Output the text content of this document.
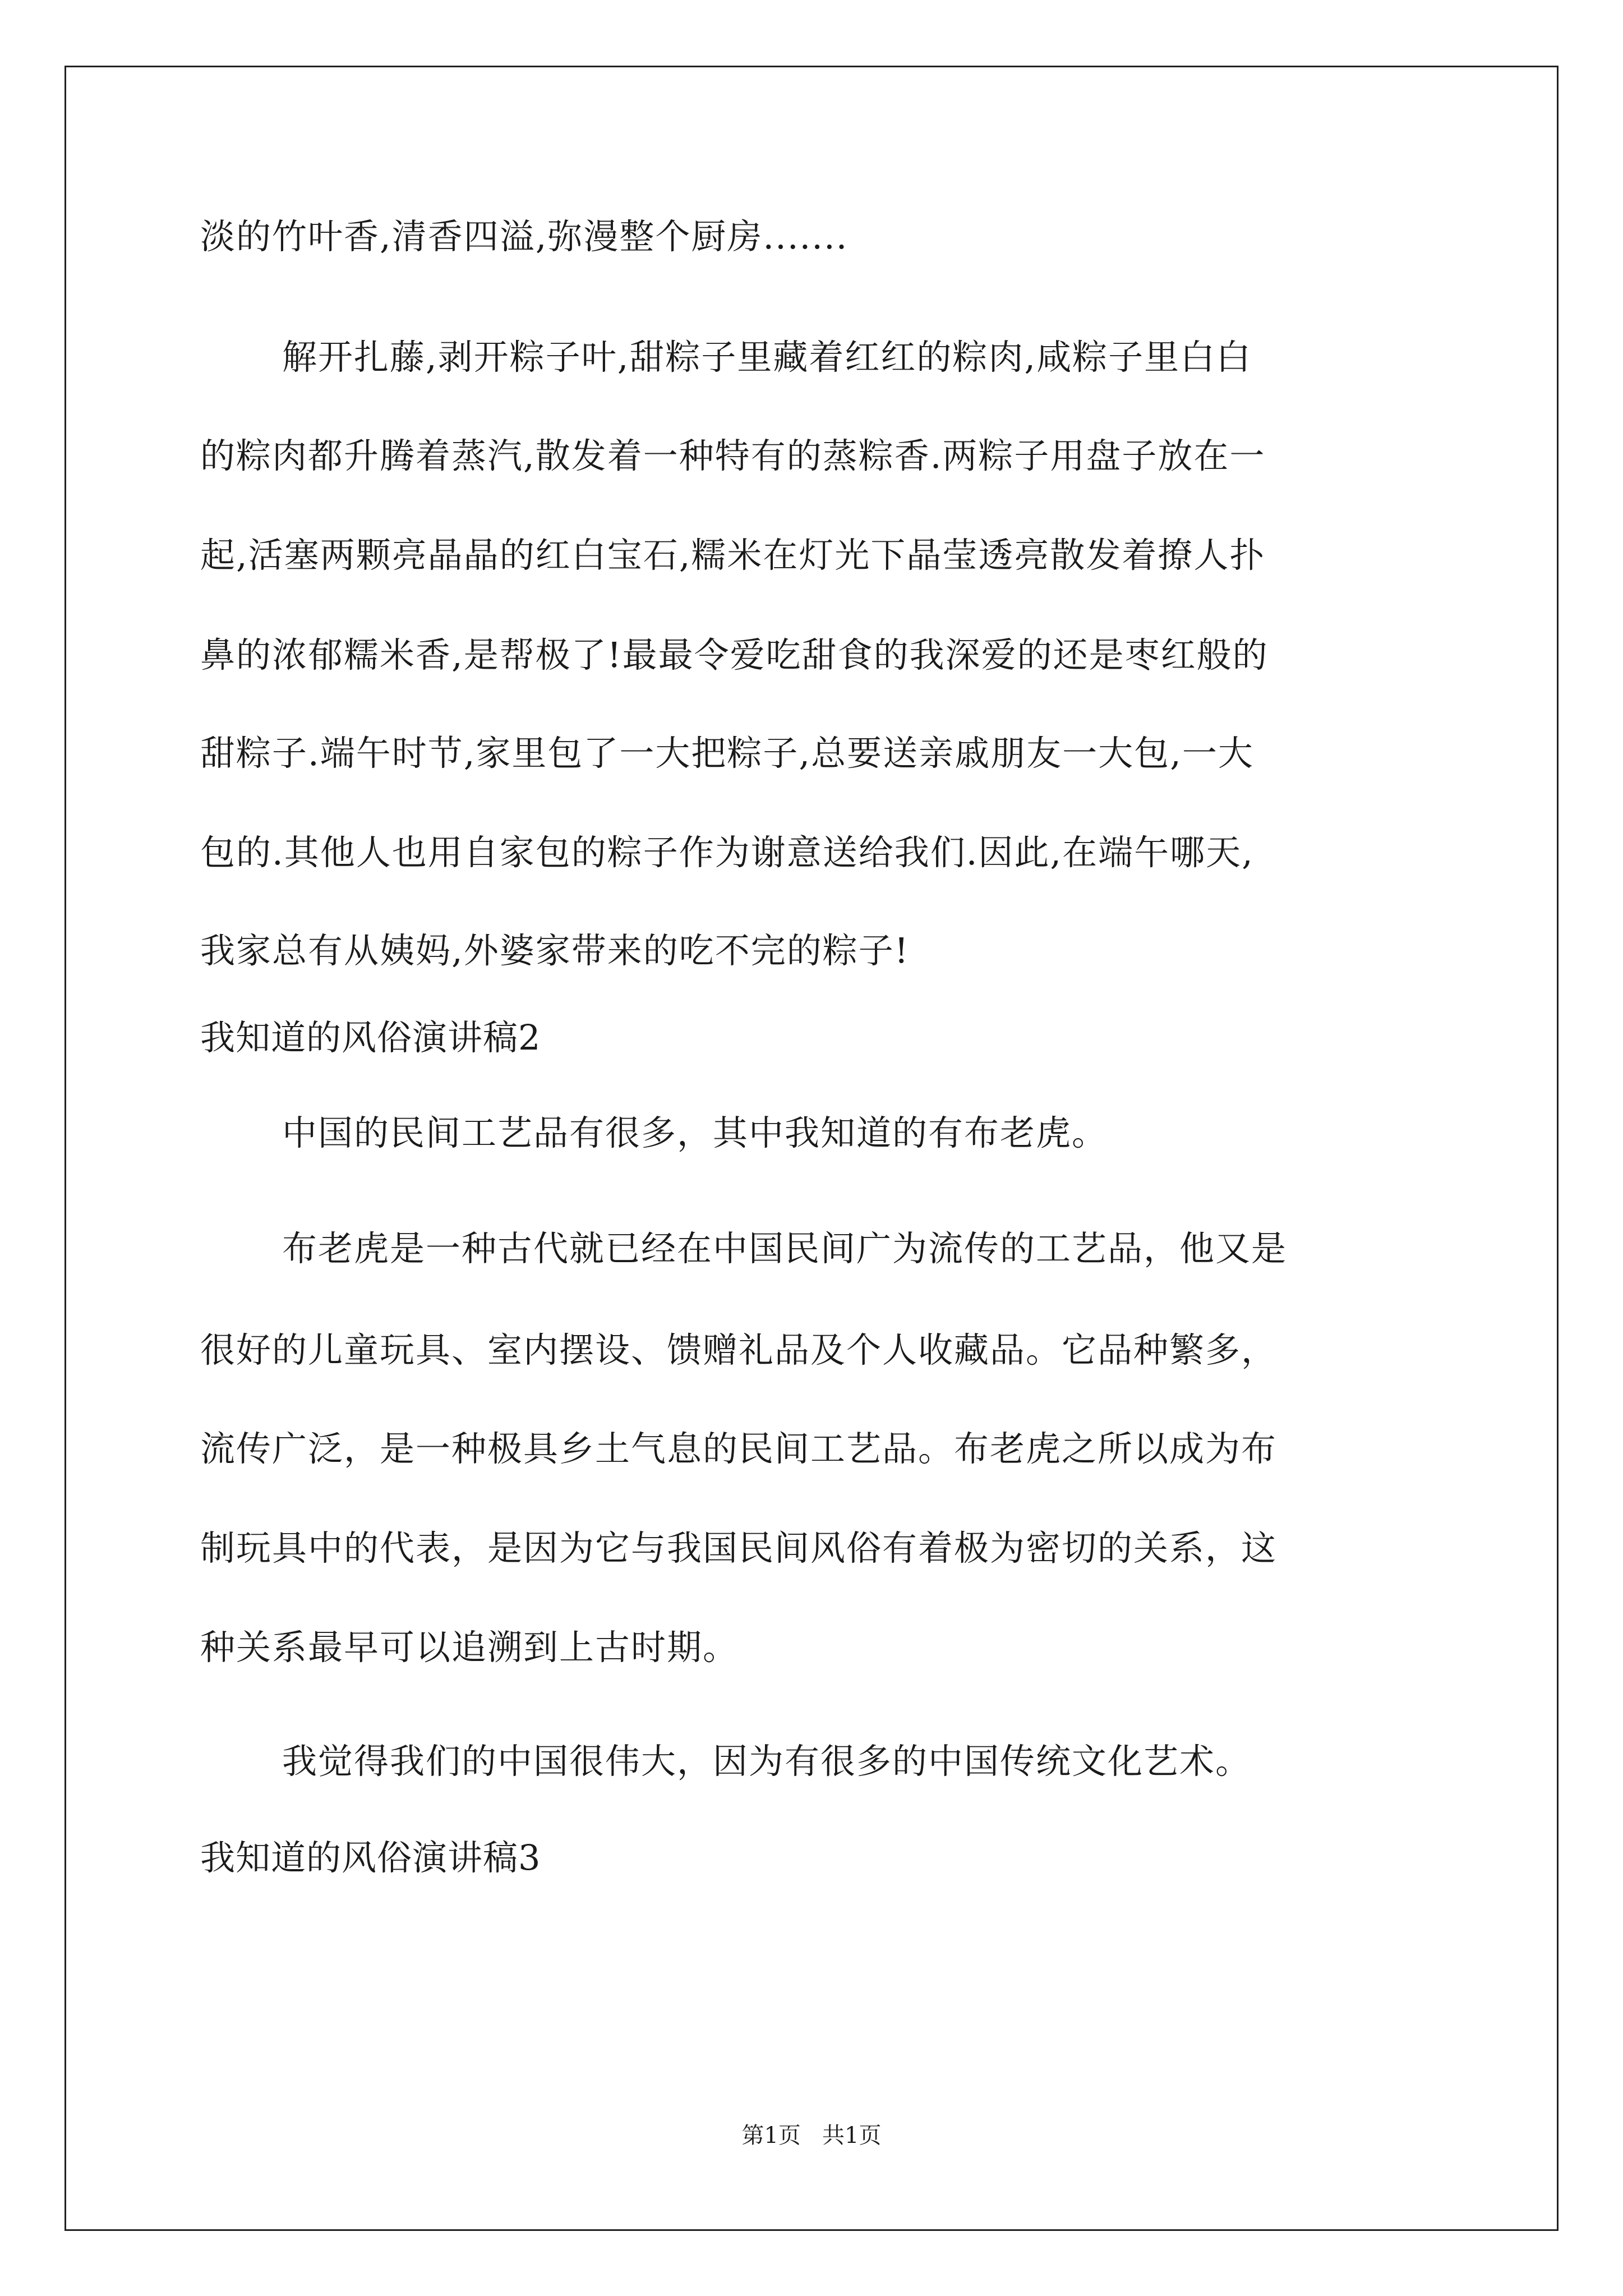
淡的竹叶香,清香四溢,弥漫整个厨房.......
解开扎藤,剥开粽子叶,甜粽子里藏着红红的粽肉,咸粽子里白白
的粽肉都升腾着蒸汽,散发着一种特有的蒸粽香.两粽子用盘子放在一
起,活塞两颗亮晶晶的红白宝石,糯米在灯光下晶莹透亮散发着撩人扑
鼻的浓郁糯米香,是帮极了!最最令爱吃甜食的我深爱的还是枣红般的
甜粽子.端午时节,家里包了一大把粽子,总要送亲戚朋友一大包,一大
包的.其他人也用自家包的粽子作为谢意送给我们.因此,在端午哪天,
我家总有从姨妈,外婆家带来的吃不完的粽子!
我知道的风俗演讲稿2
中国的民间工艺品有很多，其中我知道的有布老虎。
布老虎是一种古代就已经在中国民间广为流传的工艺品，他又是
很好的儿童玩具、室内摆设、馈赠礼品及个人收藏品。它品种繁多，
流传广泛，是一种极具乡土气息的民间工艺品。布老虎之所以成为布
制玩具中的代表，是因为它与我国民间风俗有着极为密切的关系，这
种关系最早可以追溯到上古时期。
我觉得我们的中国很伟大，因为有很多的中国传统文化艺术。
我知道的风俗演讲稿3
第1页   共1页
